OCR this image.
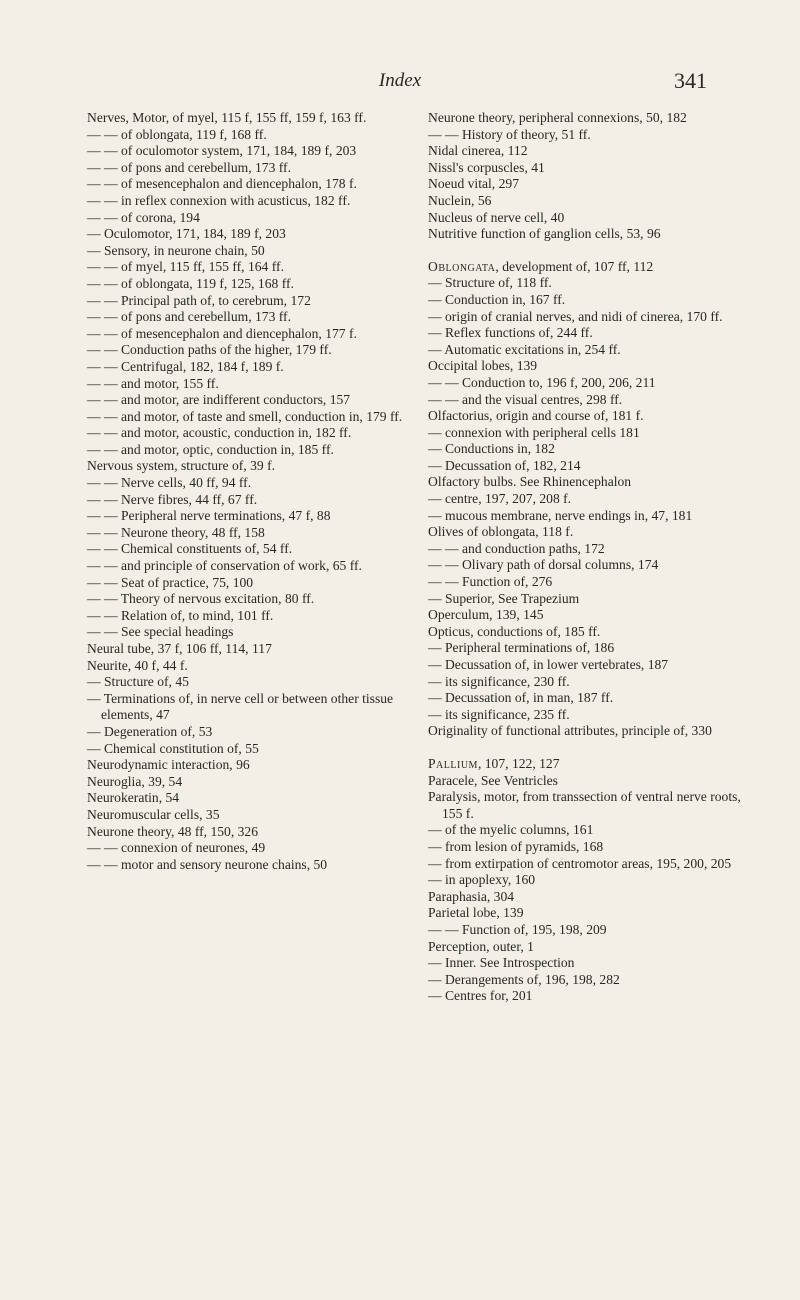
Index	341
Nerves, Motor, of myel, 115 f, 155 ff, 159 f, 163 ff.
— — of oblongata, 119 f, 168 ff.
— — of oculomotor system, 171, 184, 189 f, 203
— — of pons and cerebellum, 173 ff.
— — of mesencephalon and diencephalon, 178 f.
— — in reflex connexion with acusticus, 182 ff.
— — of corona, 194
— Oculomotor, 171, 184, 189 f, 203
— Sensory, in neurone chain, 50
— — of myel, 115 ff, 155 ff, 164 ff.
— — of oblongata, 119 f, 125, 168 ff.
— — Principal path of, to cerebrum, 172
— — of pons and cerebellum, 173 ff.
— — of mesencephalon and diencephalon, 177 f.
— — Conduction paths of the higher, 179 ff.
— — Centrifugal, 182, 184 f, 189 f.
— — and motor, 155 ff.
— — and motor, are indifferent conductors, 157
— — and motor, of taste and smell, conduction in, 179 ff.
— — and motor, acoustic, conduction in, 182 ff.
— — and motor, optic, conduction in, 185 ff.
Nervous system, structure of, 39 f.
— — Nerve cells, 40 ff, 94 ff.
— — Nerve fibres, 44 ff, 67 ff.
— — Peripheral nerve terminations, 47 f, 88
— — Neurone theory, 48 ff, 158
— — Chemical constituents of, 54 ff.
— — and principle of conservation of work, 65 ff.
— — Seat of practice, 75, 100
— — Theory of nervous excitation, 80 ff.
— — Relation of, to mind, 101 ff.
— — See special headings
Neural tube, 37 f, 106 ff, 114, 117
Neurite, 40 f, 44 f.
— Structure of, 45
— Terminations of, in nerve cell or between other tissue elements, 47
— Degeneration of, 53
— Chemical constitution of, 55
Neurodynamic interaction, 96
Neuroglia, 39, 54
Neurokeratin, 54
Neuromuscular cells, 35
Neurone theory, 48 ff, 150, 326
— — connexion of neurones, 49
— — motor and sensory neurone chains, 50
Neurone theory, peripheral connexions, 50, 182
— — History of theory, 51 ff.
Nidal cinerea, 112
Nissl's corpuscles, 41
Noeud vital, 297
Nuclein, 56
Nucleus of nerve cell, 40
Nutritive function of ganglion cells, 53, 96
Oblongata, development of, 107 ff, 112
— Structure of, 118 ff.
— Conduction in, 167 ff.
— origin of cranial nerves, and nidi of cinerea, 170 ff.
— Reflex functions of, 244 ff.
— Automatic excitations in, 254 ff.
Occipital lobes, 139
— — Conduction to, 196 f, 200, 206, 211
— — and the visual centres, 298 ff.
Olfactorius, origin and course of, 181 f.
— connexion with peripheral cells 181
— Conductions in, 182
— Decussation of, 182, 214
Olfactory bulbs. See Rhinencephalon
— centre, 197, 207, 208 f.
— mucous membrane, nerve endings in, 47, 181
Olives of oblongata, 118 f.
— — and conduction paths, 172
— — Olivary path of dorsal columns, 174
— — Function of, 276
— Superior, See Trapezium
Operculum, 139, 145
Opticus, conductions of, 185 ff.
— Peripheral terminations of, 186
— Decussation of, in lower vertebrates, 187
— its significance, 230 ff.
— Decussation of, in man, 187 ff.
— its significance, 235 ff.
Originality of functional attributes, principle of, 330
Pallium, 107, 122, 127
Paracele, See Ventricles
Paralysis, motor, from transsection of ventral nerve roots, 155 f.
— of the myelic columns, 161
— from lesion of pyramids, 168
— from extirpation of centromotor areas, 195, 200, 205
— in apoplexy, 160
Paraphasia, 304
Parietal lobe, 139
— — Function of, 195, 198, 209
Perception, outer, 1
— Inner. See Introspection
— Derangements of, 196, 198, 282
— Centres for, 201
